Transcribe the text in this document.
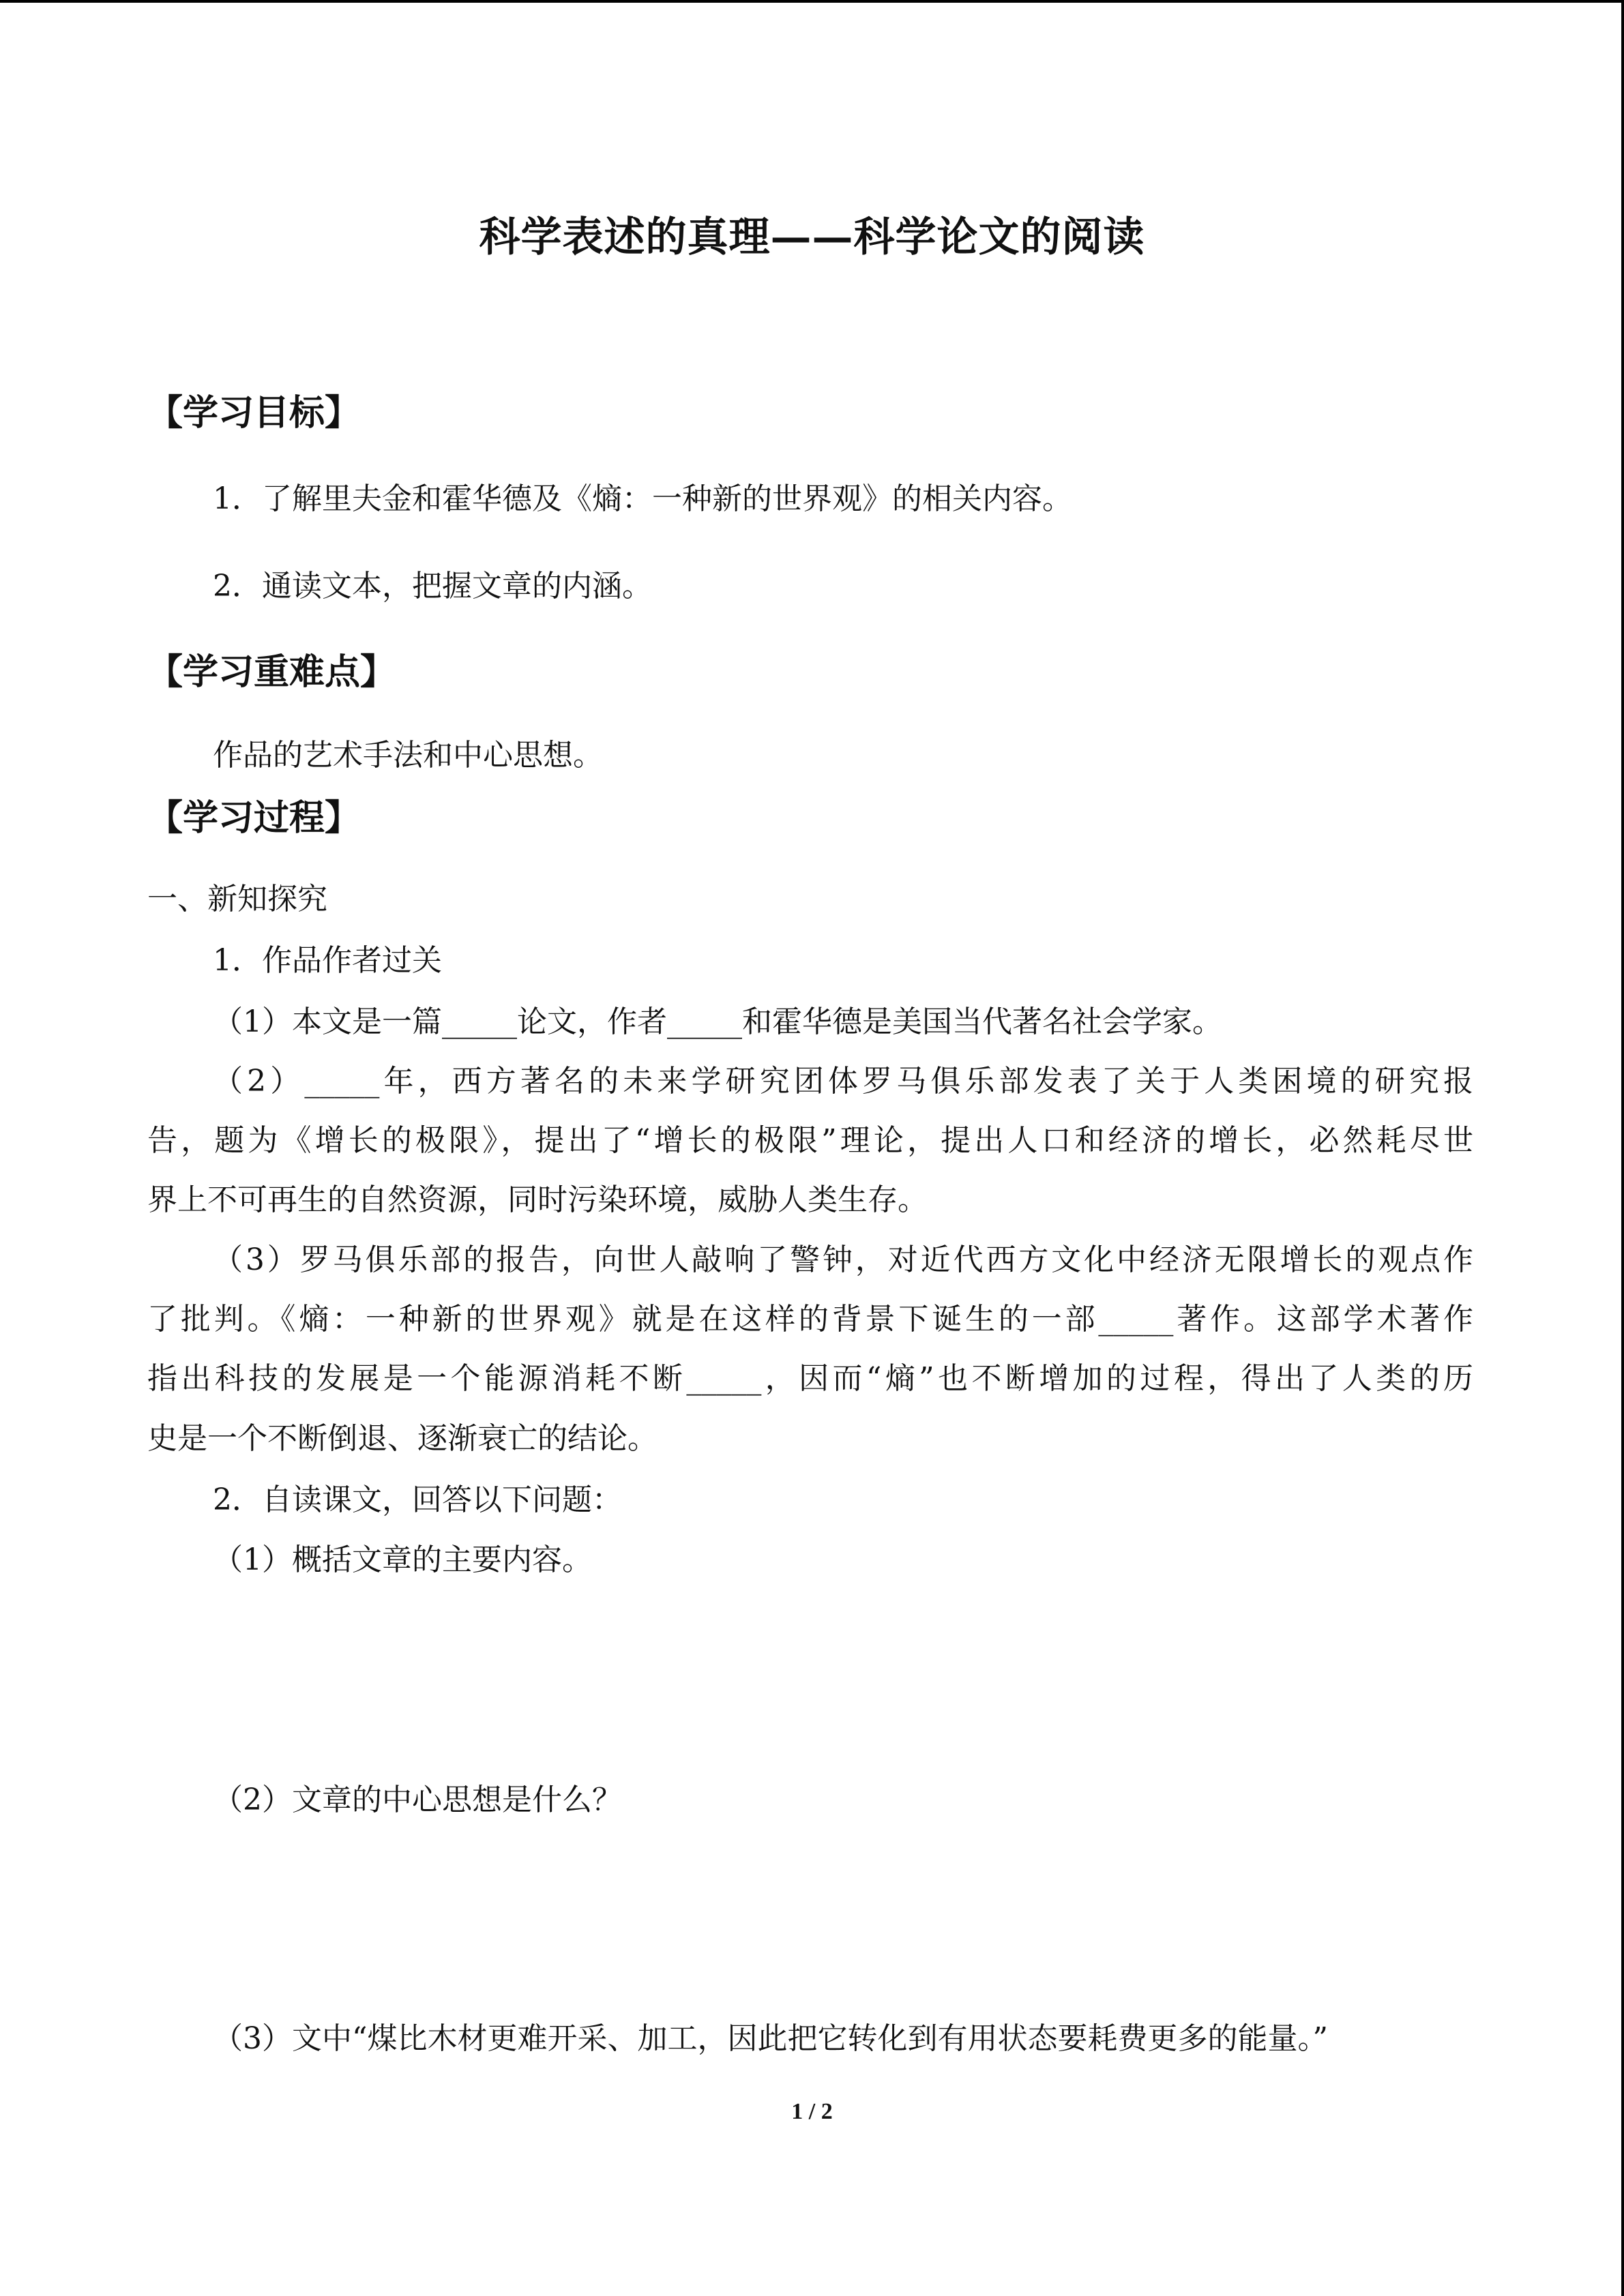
科学表述的真理——科学论文的阅读
【学习目标】
1．了解里夫金和霍华德及《熵：一种新的世界观》的相关内容。
2．通读文本，把握文章的内涵。
【学习重难点】
作品的艺术手法和中心思想。
【学习过程】
一、新知探究
1．作品作者过关
（1）本文是一篇_____论文，作者_____和霍华德是美国当代著名社会学家。
（2）_____年，西方著名的未来学研究团体罗马俱乐部发表了关于人类困境的研究报
告，题为《增长的极限》，提出了“增长的极限”理论，提出人口和经济的增长，必然耗尽世
界上不可再生的自然资源，同时污染环境，威胁人类生存。
（3）罗马俱乐部的报告，向世人敲响了警钟，对近代西方文化中经济无限增长的观点作
了批判。《熵：一种新的世界观》就是在这样的背景下诞生的一部_____著作。这部学术著作
指出科技的发展是一个能源消耗不断_____，因而“熵”也不断增加的过程，得出了人类的历
史是一个不断倒退、逐渐衰亡的结论。
2．自读课文，回答以下问题：
（1）概括文章的主要内容。
（2）文章的中心思想是什么？
（3）文中“煤比木材更难开采、加工，因此把它转化到有用状态要耗费更多的能量。”
1 / 2
